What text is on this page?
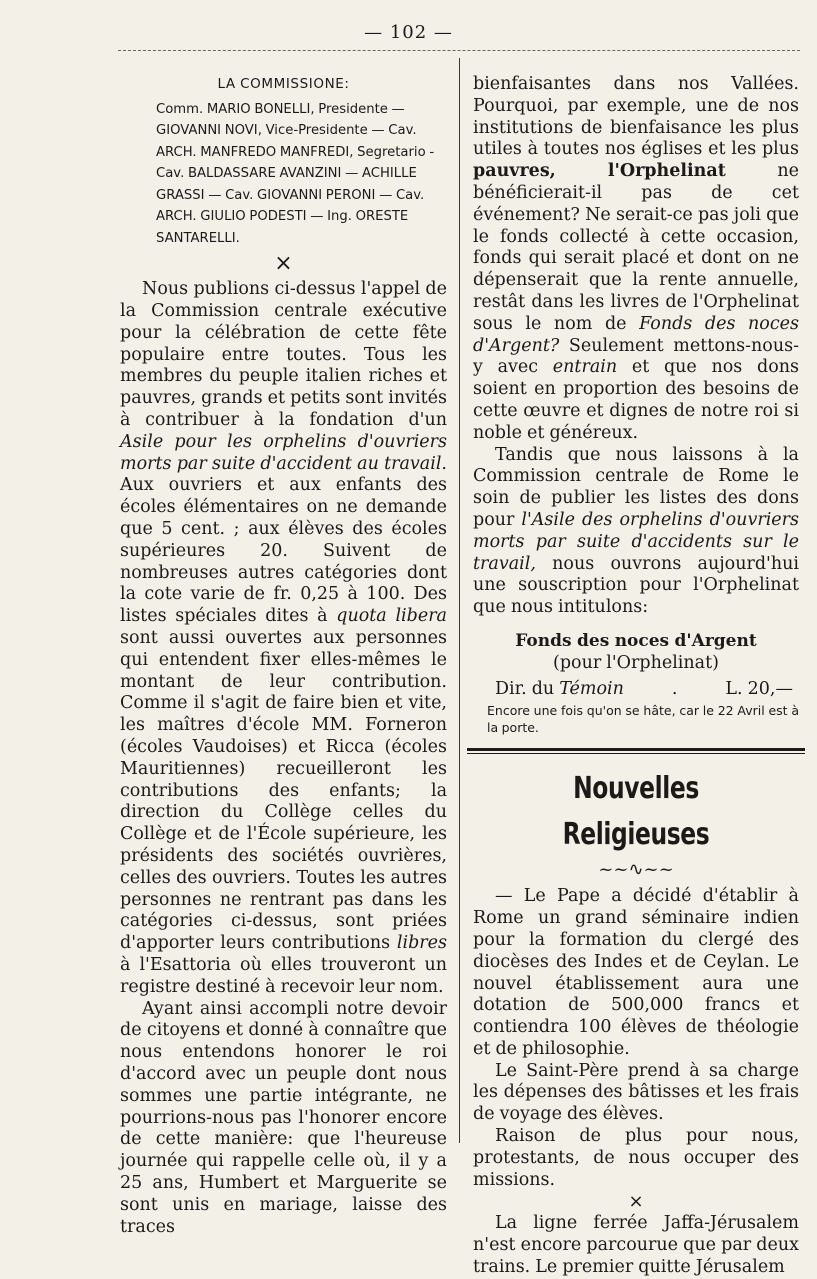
— 102 —

LA COMMISSIONE:

Comm. MARIO BONELLI, Presidente — GIOVANNI NOVI, Vice-Presidente — Cav. ARCH. MANFREDO MANFREDI, Segretario - Cav. BALDASSARE AVANZINI — ACHILLE GRASSI — Cav. GIOVANNI PERONI — Cav. ARCH. GIULIO PODESTI — Ing. ORESTE SANTARELLI.

×

Nous publions ci-dessus l'appel de la Commission centrale exécutive pour la célébration de cette fête populaire entre toutes. Tous les membres du peuple italien riches et pauvres, grands et petits sont invités à contribuer à la fondation d'un Asile pour les orphelins d'ouvriers morts par suite d'accident au travail. Aux ouvriers et aux enfants des écoles élémentaires on ne demande que 5 cent. ; aux élèves des écoles supérieures 20. Suivent de nombreuses autres catégories dont la cote varie de fr. 0,25 à 100. Des listes spéciales dites à quota libera sont aussi ouvertes aux personnes qui entendent fixer elles-mêmes le montant de leur contribution. Comme il s'agit de faire bien et vite, les maîtres d'école MM. Forneron (écoles Vaudoises) et Ricca (écoles Mauritiennes) recueilleront les contributions des enfants; la direction du Collège celles du Collège et de l'École supérieure, les présidents des sociétés ouvrières, celles des ouvriers. Toutes les autres personnes ne rentrant pas dans les catégories ci-dessus, sont priées d'apporter leurs contributions libres à l'Esattoria où elles trouveront un registre destiné à recevoir leur nom.

Ayant ainsi accompli notre devoir de citoyens et donné à connaître que nous entendons honorer le roi d'accord avec un peuple dont nous sommes une partie intégrante, ne pourrions-nous pas l'honorer encore de cette manière: que l'heureuse journée qui rappelle celle où, il y a 25 ans, Humbert et Marguerite se sont unis en mariage, laisse des traces

bienfaisantes dans nos Vallées. Pourquoi, par exemple, une de nos institutions de bienfaisance les plus utiles à toutes nos églises et les plus pauvres, l'Orphelinat ne bénéficierait-il pas de cet événement? Ne serait-ce pas joli que le fonds collecté à cette occasion, fonds qui serait placé et dont on ne dépenserait que la rente annuelle, restât dans les livres de l'Orphelinat sous le nom de Fonds des noces d'Argent? Seulement mettons-nous-y avec entrain et que nos dons soient en proportion des besoins de cette œuvre et dignes de notre roi si noble et généreux.

Tandis que nous laissons à la Commission centrale de Rome le soin de publier les listes des dons pour l'Asile des orphelins d'ouvriers morts par suite d'accidents sur le travail, nous ouvrons aujourd'hui une souscription pour l'Orphelinat que nous intitulons:

Fonds des noces d'Argent

(pour l'Orphelinat)

Dir. du Témoin	.	L. 20,—

Encore une fois qu'on se hâte, car le 22 Avril est à la porte.

Nouvelles Religieuses

~~∿~~

— Le Pape a décidé d'établir à Rome un grand séminaire indien pour la formation du clergé des diocèses des Indes et de Ceylan. Le nouvel établissement aura une dotation de 500,000 francs et contiendra 100 élèves de théologie et de philosophie.

Le Saint-Père prend à sa charge les dépenses des bâtisses et les frais de voyage des élèves.

Raison de plus pour nous, protestants, de nous occuper des missions.

×

La ligne ferrée Jaffa-Jérusalem n'est encore parcourue que par deux trains. Le premier quitte Jérusalem
